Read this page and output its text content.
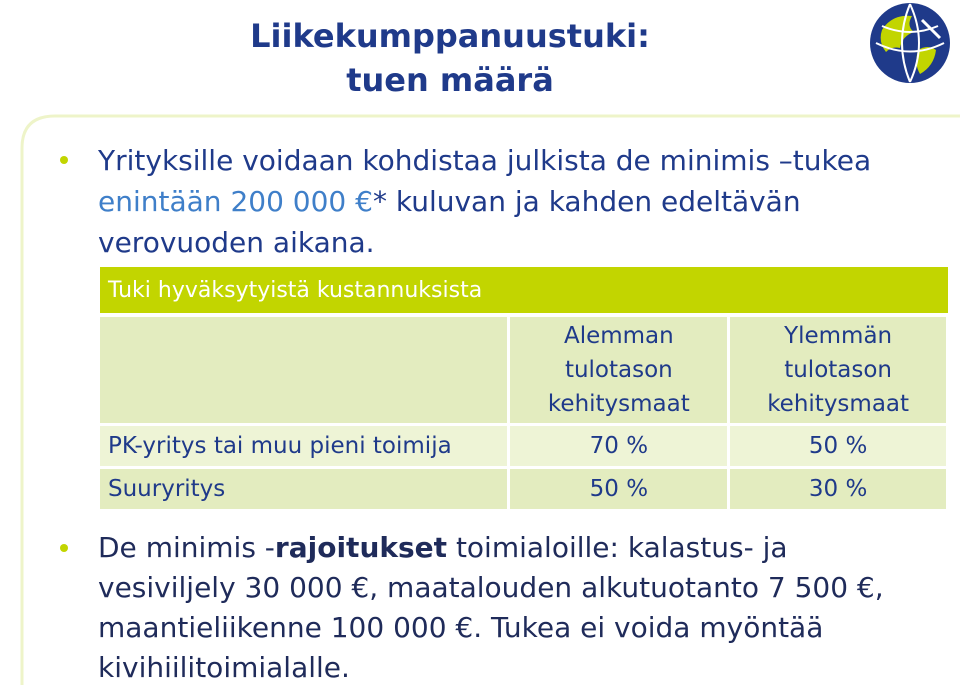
Liikekumppanuustuki:
tuen määrä
Yrityksille voidaan kohdistaa julkista de minimis –tukea enintään 200 000 €* kuluvan ja kahden edeltävän verovuoden aikana.
Tuki hyväksytyistä kustannuksista		
	Alemman tulotason kehitysmaat	Ylemmän tulotason kehitysmaat
PK-yritys tai muu pieni toimija	70 %	50 %
Suuryritys	50 %	30 %
De minimis -rajoitukset toimialoille: kalastus- ja vesiviljely 30 000 €, maatalouden alkutuotanto 7 500 €, maantieliikenne 100 000 €. Tukea ei voida myöntää kivihiilitoimialalle.
